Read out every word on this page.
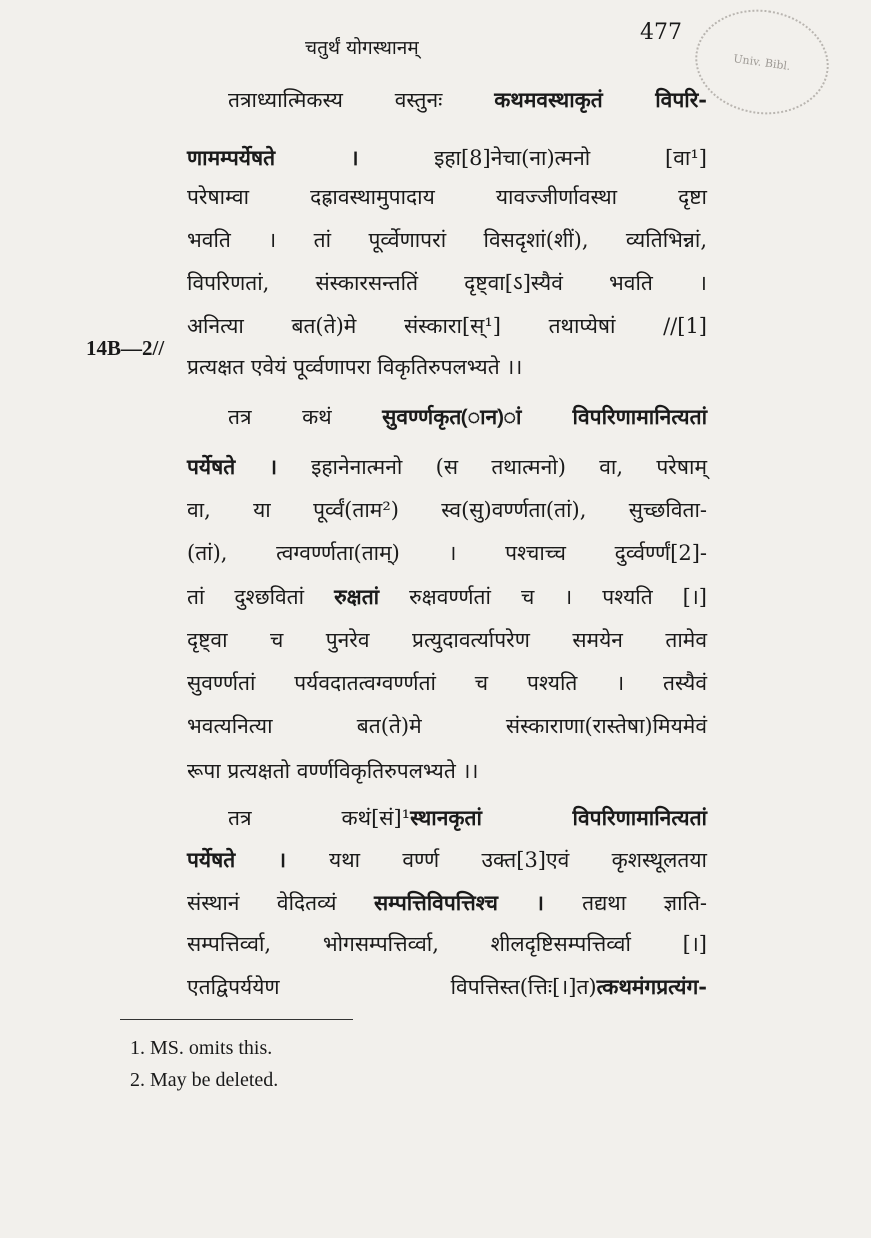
चतुर्थं योगस्थानम्
477
Univ. Bibl.
14B—2//
तत्राध्यात्मिकस्य वस्तुनः कथमवस्थाकृतं विपरि-
णामम्पर्येषते । इहा[8]नेचा(ना)त्मनो [वा¹]
परेषाम्वा दह्रावस्थामुपादाय यावज्जीर्णावस्था दृष्टा
भवति । तां पूर्व्वेणापरां विसदृशां(शीं), व्यतिभिन्नां,
विपरिणतां, संस्कारसन्ततिं दृष्ट्वा[ऽ]स्यैवं भवति ।
अनित्या बत(ते)मे संस्कारा[स्¹] तथाप्येषां //[1]
प्रत्यक्षत एवेयं पूर्व्वणापरा विकृतिरुपलभ्यते ।।
तत्र कथं सुवर्ण्णकृत(ान)ां विपरिणामानित्यतां
पर्येषते । इहानेनात्मनो (स तथात्मनो) वा, परेषाम्
वा, या पूर्व्वं(ताम²) स्व(सु)वर्ण्णता(तां), सुच्छविता-
(तां), त्वग्वर्ण्णता(ताम्) । पश्चाच्च दुर्व्वर्ण्णं[2]-
तां दुश्छवितां रुक्षतां रुक्षवर्ण्णतां च । पश्यति [।]
दृष्ट्वा च पुनरेव प्रत्युदावर्त्यापरेण समयेन तामेव
सुवर्ण्णतां पर्यवदातत्वग्वर्ण्णतां च पश्यति । तस्यैवं
भवत्यनित्या बत(ते)मे संस्काराणा(रास्तेषा)मियमेवं
रूपा प्रत्यक्षतो वर्ण्णविकृतिरुपलभ्यते ।।
तत्र कथं[सं]¹स्थानकृतां विपरिणामानित्यतां
पर्येषते । यथा वर्ण्ण उक्त[3]एवं कृशस्थूलतया
संस्थानं वेदितव्यं सम्पत्तिविपत्तिश्च । तद्यथा ज्ञाति-
सम्पत्तिर्व्वा, भोगसम्पत्तिर्व्वा, शीलदृष्टिसम्पत्तिर्व्वा [।]
एतद्विपर्ययेण विपत्तिस्त(त्तिः[।]त)त्कथमंगप्रत्यंग-
1. MS. omits this.
2. May be deleted.
